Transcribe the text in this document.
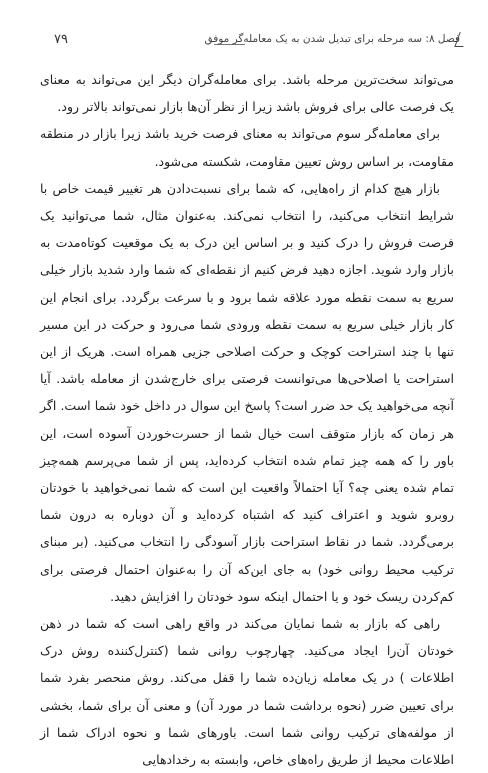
۷۹	فصل ۸: سه مرحله برای تبدیل شدن به یک معامله‌گر موفق

می‌تواند سخت‌ترین مرحله باشد. برای معامله‌گران دیگر این می‌تواند به معنای یک فرصت عالی برای فروش باشد زیرا از نظر آن‌ها بازار نمی‌تواند بالاتر رود.

برای معامله‌گر سوم می‌تواند به معنای فرصت خرید باشد زیرا بازار در منطقه مقاومت، بر اساس روش تعیین مقاومت، شکسته می‌شود.

بازار هیچ کدام از راه‌هایی، که شما برای نسبت‌دادن هر تغییر قیمت خاص با شرایط انتخاب می‌کنید، را انتخاب نمی‌کند. به‌عنوان مثال، شما می‌توانید یک فرصت فروش را درک کنید و بر اساس این درک به یک موقعیت کوتاه‌مدت به بازار وارد شوید. اجازه دهید فرض کنیم از نقطه‌ای که شما وارد شدید بازار خیلی سریع به سمت نقطه مورد علاقه شما برود و با سرعت برگردد. برای انجام این کار بازار خیلی سریع به سمت نقطه ورودی شما می‌رود و حرکت در این مسیر تنها با چند استراحت کوچک و حرکت اصلاحی جزیی همراه است. هریک از این استراحت یا اصلاحی‌ها می‌توانست فرصتی برای خارج‌شدن از معامله باشد. آیا آنچه می‌خواهید یک حد ضرر است؟ پاسخ این سوال در داخل خود شما است. اگر هر زمان که بازار متوقف است خیال شما از حسرت‌خوردن آسوده است، این باور را که همه چیز تمام شده انتخاب کرده‌اید، پس از شما می‌پرسم همه‌چیز تمام شده یعنی چه؟ آیا احتمالاً واقعیت این است که شما نمی‌خواهید با خودتان روبرو شوید و اعتراف کنید که اشتباه کرده‌اید و آن دوباره به درون شما برمی‌گردد. شما در نقاط استراحت بازار آسودگی را انتخاب می‌کنید. (بر مبنای ترکیب محیط روانی خود) به جای این‌که آن را به‌عنوان احتمال فرصتی برای کم‌کردن ریسک خود و یا احتمال اینکه سود خودتان را افزایش دهید.

راهی که بازار به شما نمایان می‌کند در واقع راهی است که شما در ذهن خودتان آن‌را ایجاد می‌کنید. چهارچوب روانی شما (کنترل‌کننده روش درک اطلاعات ) در یک معامله زیان‌ده شما را قفل می‌کند. روش منحصر بفرد شما برای تعیین ضرر (نحوه برداشت شما در مورد آن) و معنی آن برای شما، بخشی از مولفه‌های ترکیب روانی شما است. باورهای شما و نحوه ادراک شما از اطلاعات محیط از طریق راه‌های خاص، وابسته به رخدادهایی
